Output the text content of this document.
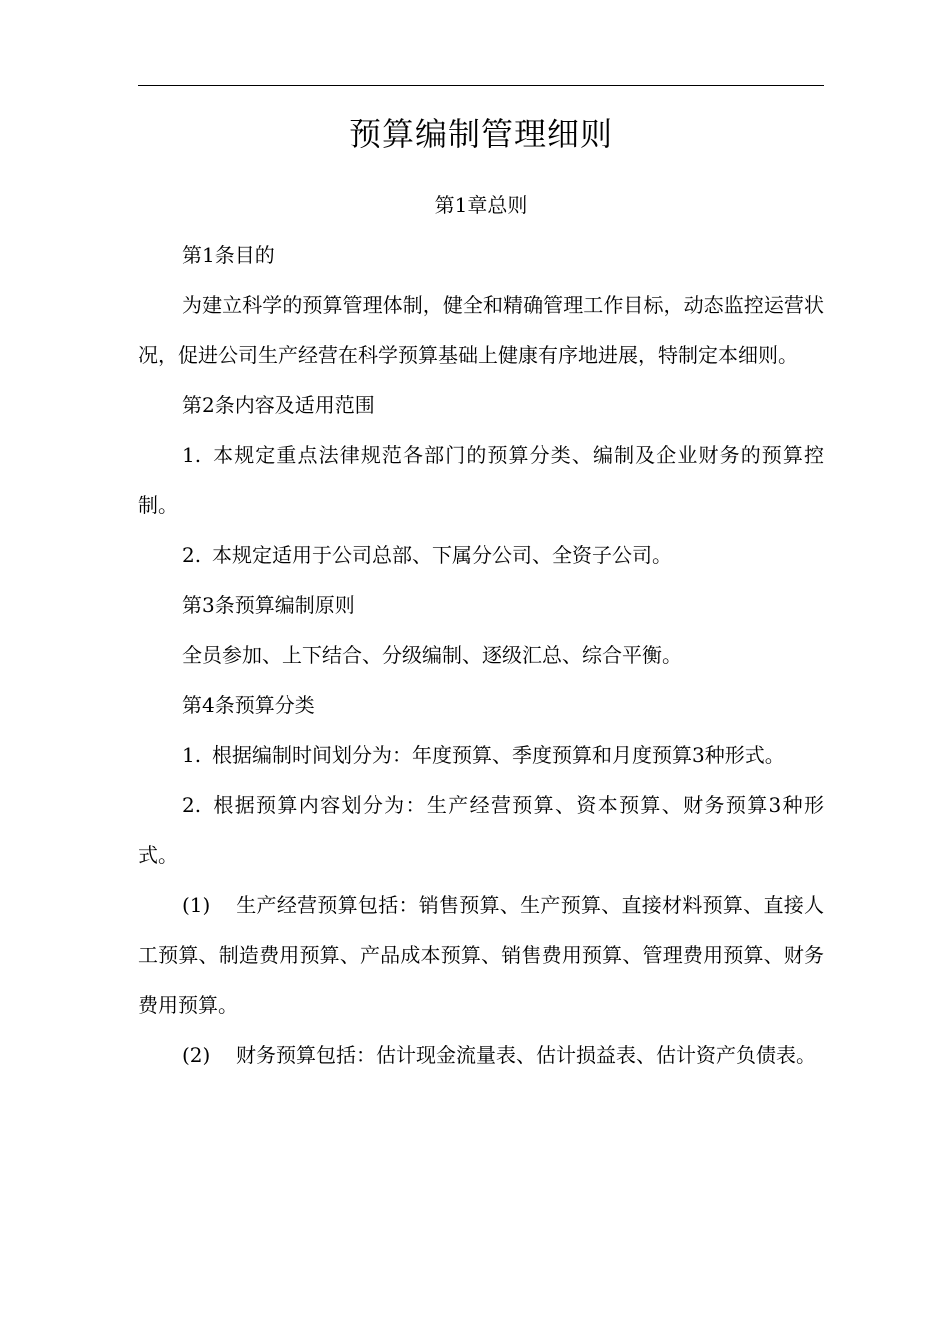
预算编制管理细则

第1章总则

第1条目的

为建立科学的预算管理体制，健全和精确管理工作目标，动态监控运营状况，促进公司生产经营在科学预算基础上健康有序地进展，特制定本细则。

第2条内容及适用范围

1. 本规定重点法律规范各部门的预算分类、编制及企业财务的预算控制。

2. 本规定适用于公司总部、下属分公司、全资子公司。

第3条预算编制原则

全员参加、上下结合、分级编制、逐级汇总、综合平衡。

第4条预算分类

1. 根据编制时间划分为：年度预算、季度预算和月度预算3种形式。

2. 根据预算内容划分为：生产经营预算、资本预算、财务预算3种形式。

(1) 生产经营预算包括：销售预算、生产预算、直接材料预算、直接人工预算、制造费用预算、产品成本预算、销售费用预算、管理费用预算、财务费用预算。

(2) 财务预算包括：估计现金流量表、估计损益表、估计资产负债表。
